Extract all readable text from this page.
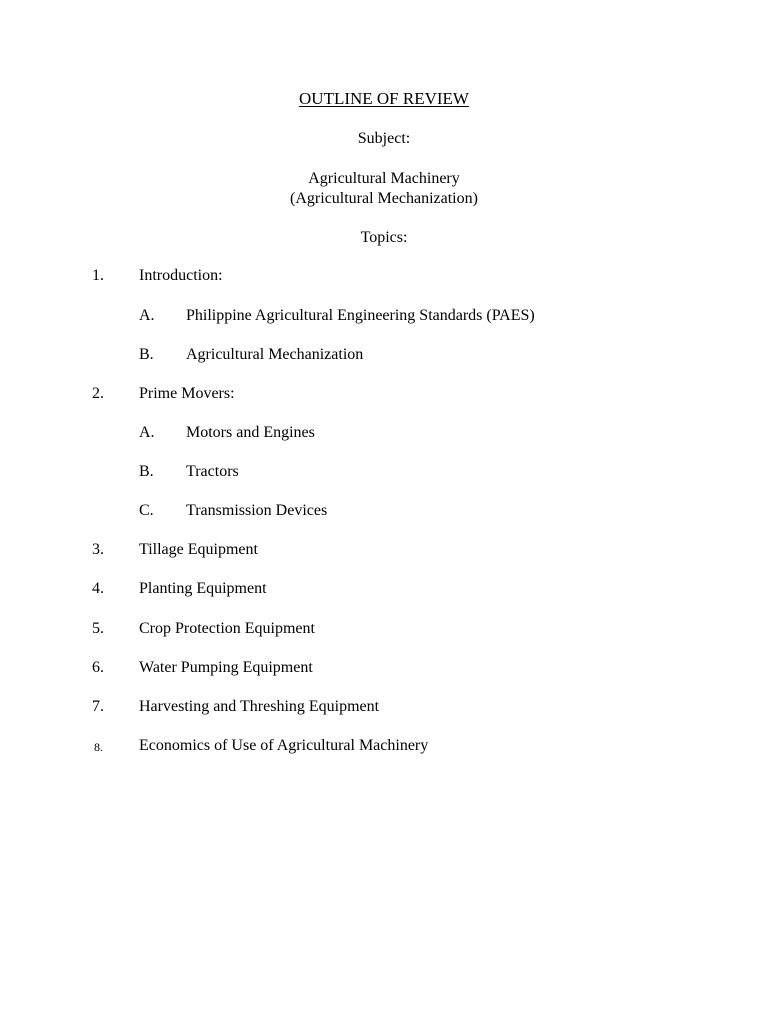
OUTLINE OF REVIEW
Subject:
Agricultural Machinery
(Agricultural Mechanization)
Topics:
1. Introduction:
A. Philippine Agricultural Engineering Standards (PAES)
B. Agricultural Mechanization
2. Prime Movers:
A. Motors and Engines
B. Tractors
C. Transmission Devices
3. Tillage Equipment
4. Planting Equipment
5. Crop Protection Equipment
6. Water Pumping Equipment
7. Harvesting and Threshing Equipment
8. Economics of Use of Agricultural Machinery
